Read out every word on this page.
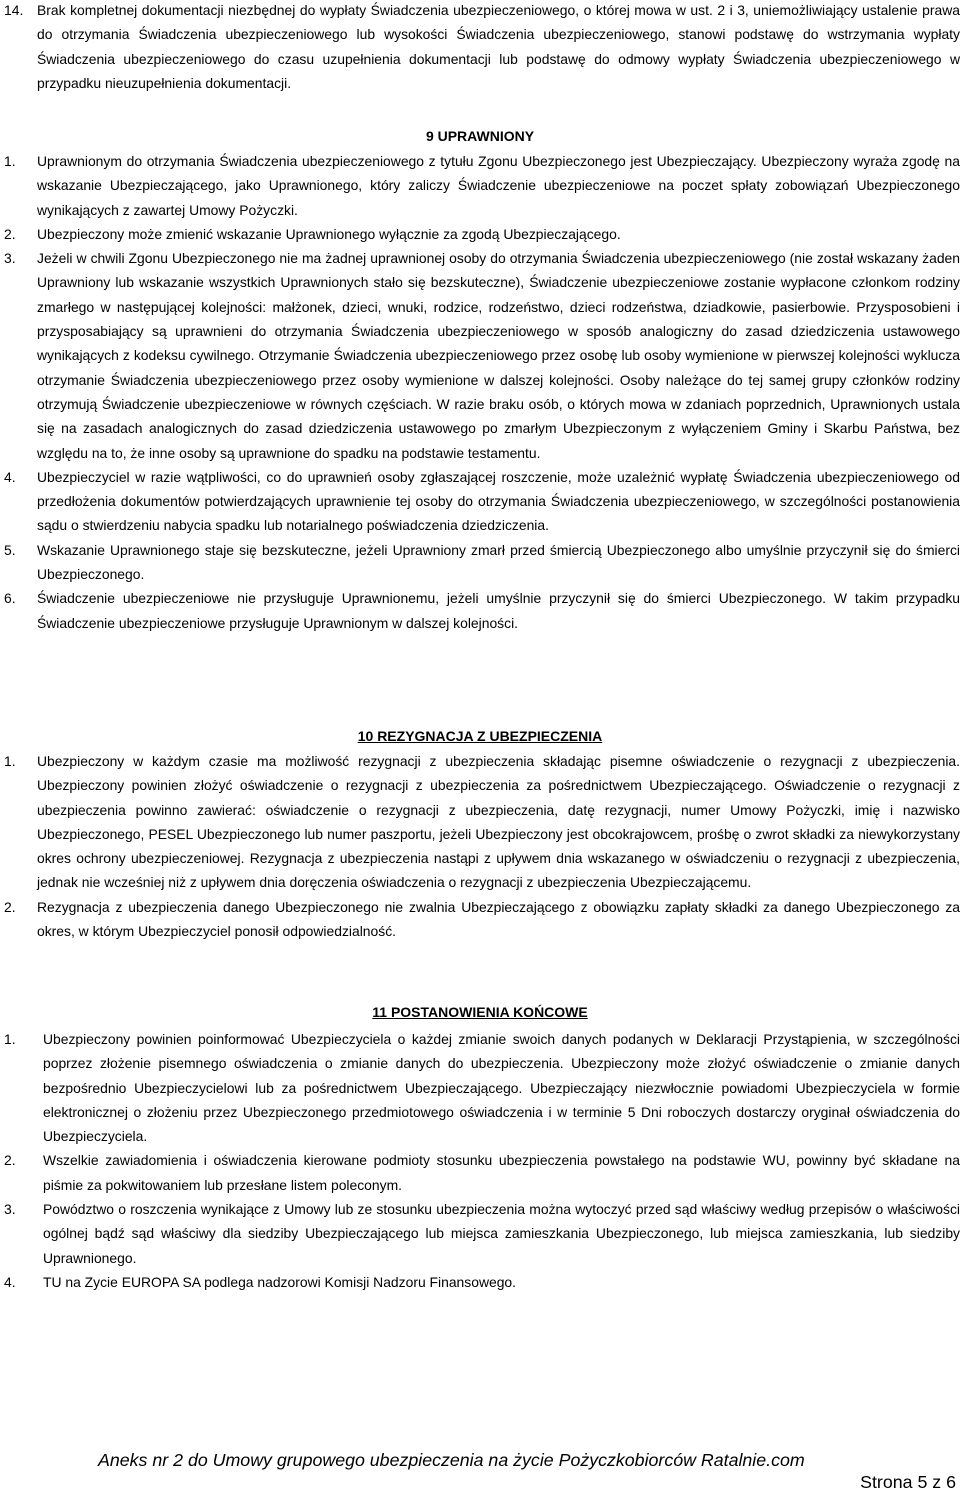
14. Brak kompletnej dokumentacji niezbędnej do wypłaty Świadczenia ubezpieczeniowego, o której mowa w ust. 2 i 3, uniemożliwiający ustalenie prawa do otrzymania Świadczenia ubezpieczeniowego lub wysokości Świadczenia ubezpieczeniowego, stanowi podstawę do wstrzymania wypłaty Świadczenia ubezpieczeniowego do czasu uzupełnienia dokumentacji lub podstawę do odmowy wypłaty Świadczenia ubezpieczeniowego w przypadku nieuzupełnienia dokumentacji.

9 UPRAWNIONY
1. Uprawnionym do otrzymania Świadczenia ubezpieczeniowego z tytułu Zgonu Ubezpieczonego jest Ubezpieczający. Ubezpieczony wyraża zgodę na wskazanie Ubezpieczającego, jako Uprawnionego, który zaliczy Świadczenie ubezpieczeniowe na poczet spłaty zobowiązań Ubezpieczonego wynikających z zawartej Umowy Pożyczki.

2. Ubezpieczony może zmienić wskazanie Uprawnionego wyłącznie za zgodą Ubezpieczającego.

3. Jeżeli w chwili Zgonu Ubezpieczonego nie ma żadnej uprawnionej osoby do otrzymania Świadczenia ubezpieczeniowego (nie został wskazany żaden Uprawniony lub wskazanie wszystkich Uprawnionych stało się bezskuteczne), Świadczenie ubezpieczeniowe zostanie wypłacone członkom rodziny zmarłego w następującej kolejności: małżonek, dzieci, wnuki, rodzice, rodzeństwo, dzieci rodzeństwa, dziadkowie, pasierbowie. Przysposobieni i przysposabiający są uprawnieni do otrzymania Świadczenia ubezpieczeniowego w sposób analogiczny do zasad dziedziczenia ustawowego wynikających z kodeksu cywilnego. Otrzymanie Świadczenia ubezpieczeniowego przez osobę lub osoby wymienione w pierwszej kolejności wyklucza otrzymanie Świadczenia ubezpieczeniowego przez osoby wymienione w dalszej kolejności. Osoby należące do tej samej grupy członków rodziny otrzymują Świadczenie ubezpieczeniowe w równych częściach. W razie braku osób, o których mowa w zdaniach poprzednich, Uprawnionych ustala się na zasadach analogicznych do zasad dziedziczenia ustawowego po zmarłym Ubezpieczonym z wyłączeniem Gminy i Skarbu Państwa, bez względu na to, że inne osoby są uprawnione do spadku na podstawie testamentu.

4. Ubezpieczyciel w razie wątpliwości, co do uprawnień osoby zgłaszającej roszczenie, może uzależnić wypłatę Świadczenia ubezpieczeniowego od przedłożenia dokumentów potwierdzających uprawnienie tej osoby do otrzymania Świadczenia ubezpieczeniowego, w szczególności postanowienia sądu o stwierdzeniu nabycia spadku lub notarialnego poświadczenia dziedziczenia.

5. Wskazanie Uprawnionego staje się bezskuteczne, jeżeli Uprawniony zmarł przed śmiercią Ubezpieczonego albo umyślnie przyczynił się do śmierci Ubezpieczonego.

6. Świadczenie ubezpieczeniowe nie przysługuje Uprawnionemu, jeżeli umyślnie przyczynił się do śmierci Ubezpieczonego. W takim przypadku Świadczenie ubezpieczeniowe przysługuje Uprawnionym w dalszej kolejności.

10 REZYGNACJA Z UBEZPIECZENIA
1. Ubezpieczony w każdym czasie ma możliwość rezygnacji z ubezpieczenia składając pisemne oświadczenie o rezygnacji z ubezpieczenia. Ubezpieczony powinien złożyć oświadczenie o rezygnacji z ubezpieczenia za pośrednictwem Ubezpieczającego. Oświadczenie o rezygnacji z ubezpieczenia powinno zawierać: oświadczenie o rezygnacji z ubezpieczenia, datę rezygnacji, numer Umowy Pożyczki, imię i nazwisko Ubezpieczonego, PESEL Ubezpieczonego lub numer paszportu, jeżeli Ubezpieczony jest obcokrajowcem, prośbę o zwrot składki za niewykorzystany okres ochrony ubezpieczeniowej. Rezygnacja z ubezpieczenia nastąpi z upływem dnia wskazanego w oświadczeniu o rezygnacji z ubezpieczenia, jednak nie wcześniej niż z upływem dnia doręczenia oświadczenia o rezygnacji z ubezpieczenia Ubezpieczającemu.

2. Rezygnacja z ubezpieczenia danego Ubezpieczonego nie zwalnia Ubezpieczającego z obowiązku zapłaty składki za danego Ubezpieczonego za okres, w którym Ubezpieczyciel ponosił odpowiedzialność.

11 POSTANOWIENIA KOŃCOWE
1. Ubezpieczony powinien poinformować Ubezpieczyciela o każdej zmianie swoich danych podanych w Deklaracji Przystąpienia, w szczególności poprzez złożenie pisemnego oświadczenia o zmianie danych do ubezpieczenia. Ubezpieczony może złożyć oświadczenie o zmianie danych bezpośrednio Ubezpieczycielowi lub za pośrednictwem Ubezpieczającego. Ubezpieczający niezwłocznie powiadomi Ubezpieczyciela w formie elektronicznej o złożeniu przez Ubezpieczonego przedmiotowego oświadczenia i w terminie 5 Dni roboczych dostarczy oryginał oświadczenia do Ubezpieczyciela.

2. Wszelkie zawiadomienia i oświadczenia kierowane podmioty stosunku ubezpieczenia powstałego na podstawie WU, powinny być składane na piśmie za pokwitowaniem lub przesłane listem poleconym.

3. Powództwo o roszczenia wynikające z Umowy lub ze stosunku ubezpieczenia można wytoczyć przed sąd właściwy według przepisów o właściwości ogólnej bądź sąd właściwy dla siedziby Ubezpieczającego lub miejsca zamieszkania Ubezpieczonego, lub miejsca zamieszkania, lub siedziby Uprawnionego.

4. TU na Zycie EUROPA SA podlega nadzorowi Komisji Nadzoru Finansowego.

Aneks nr 2 do Umowy grupowego ubezpieczenia na życie Pożyczkobiorców Ratalnie.com
Strona 5 z 6
